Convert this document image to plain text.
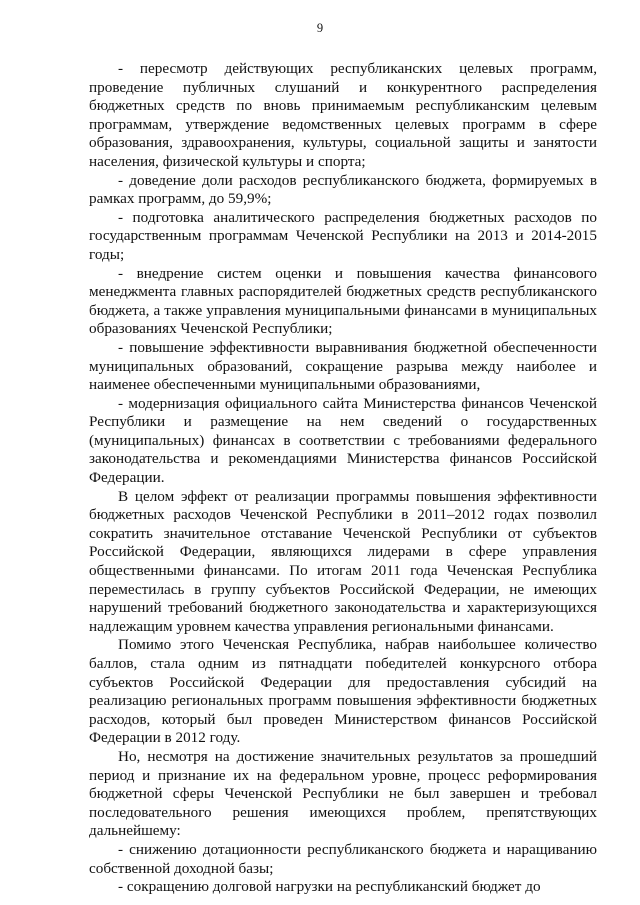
9

- пересмотр действующих республиканских целевых программ, проведение публичных слушаний и конкурентного распределения бюджетных средств по вновь принимаемым республиканским целевым программам, утверждение ведомственных целевых программ в сфере образования, здравоохранения, культуры, социальной защиты и занятости населения, физической культуры и спорта;

- доведение доли расходов республиканского бюджета, формируемых в рамках программ, до 59,9%;

- подготовка аналитического распределения бюджетных расходов по государственным программам Чеченской Республики на 2013 и 2014-2015 годы;

- внедрение систем оценки и повышения качества финансового менеджмента главных распорядителей бюджетных средств республиканского бюджета, а также управления муниципальными финансами в муниципальных образованиях Чеченской Республики;

- повышение эффективности выравнивания бюджетной обеспеченности муниципальных образований, сокращение разрыва между наиболее и наименее обеспеченными муниципальными образованиями,

- модернизация официального сайта Министерства финансов Чеченской Республики и размещение на нем сведений о государственных (муниципальных) финансах в соответствии с требованиями федерального законодательства и рекомендациями Министерства финансов Российской Федерации.

В целом эффект от реализации программы повышения эффективности бюджетных расходов Чеченской Республики в 2011–2012 годах позволил сократить значительное отставание Чеченской Республики от субъектов Российской Федерации, являющихся лидерами в сфере управления общественными финансами. По итогам 2011 года Чеченская Республика переместилась в группу субъектов Российской Федерации, не имеющих нарушений требований бюджетного законодательства и характеризующихся надлежащим уровнем качества управления региональными финансами.

Помимо этого Чеченская Республика, набрав наибольшее количество баллов, стала одним из пятнадцати победителей конкурсного отбора субъектов Российской Федерации для предоставления субсидий на реализацию региональных программ повышения эффективности бюджетных расходов, который был проведен Министерством финансов Российской Федерации в 2012 году.

Но, несмотря на достижение значительных результатов за прошедший период и признание их на федеральном уровне, процесс реформирования бюджетной сферы Чеченской Республики не был завершен и требовал последовательного решения имеющихся проблем, препятствующих дальнейшему:

- снижению дотационности республиканского бюджета и наращиванию собственной доходной базы;

- сокращению долговой нагрузки на республиканский бюджет до
